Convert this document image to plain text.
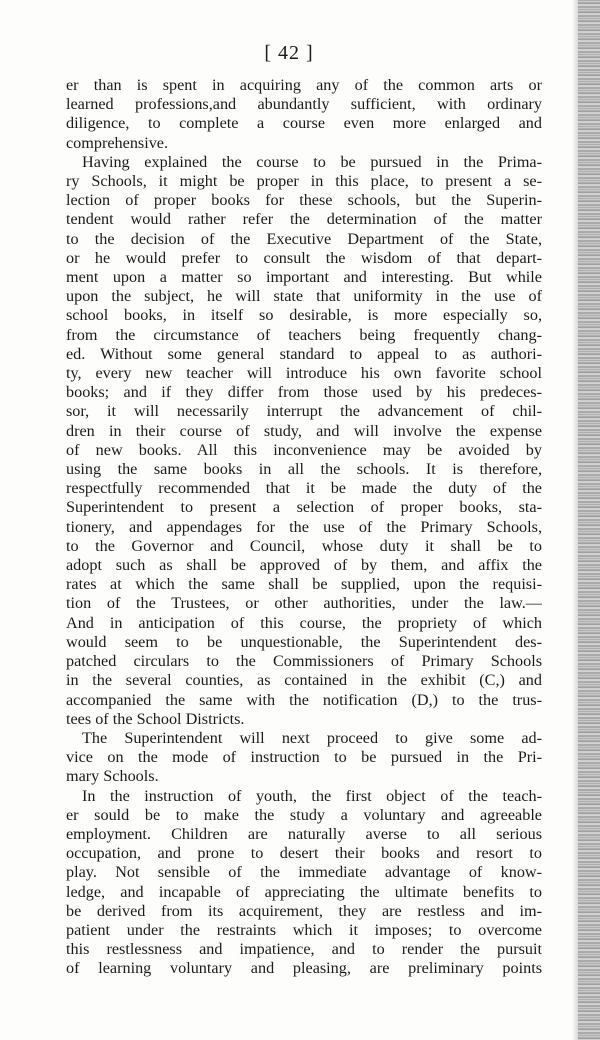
[ 42 ]
er than is spent in acquiring any of the common arts or
learned professions,and abundantly sufficient, with ordinary
diligence, to complete a course even more enlarged and
comprehensive.
Having explained the course to be pursued in the Prima-
ry Schools, it might be proper in this place, to present a se-
lection of proper books for these schools, but the Superin-
tendent would rather refer the determination of the matter
to the decision of the Executive Department of the State,
or he would prefer to consult the wisdom of that depart-
ment upon a matter so important and interesting. But while
upon the subject, he will state that uniformity in the use of
school books, in itself so desirable, is more especially so,
from the circumstance of teachers being frequently chang-
ed. Without some general standard to appeal to as authori-
ty, every new teacher will introduce his own favorite school
books; and if they differ from those used by his predeces-
sor, it will necessarily interrupt the advancement of chil-
dren in their course of study, and will involve the expense
of new books. All this inconvenience may be avoided by
using the same books in all the schools. It is therefore,
respectfully recommended that it be made the duty of the
Superintendent to present a selection of proper books, sta-
tionery, and appendages for the use of the Primary Schools,
to the Governor and Council, whose duty it shall be to
adopt such as shall be approved of by them, and affix the
rates at which the same shall be supplied, upon the requisi-
tion of the Trustees, or other authorities, under the law.—
And in anticipation of this course, the propriety of which
would seem to be unquestionable, the Superintendent des-
patched circulars to the Commissioners of Primary Schools
in the several counties, as contained in the exhibit (C,) and
accompanied the same with the notification (D,) to the trus-
tees of the School Districts.
The Superintendent will next proceed to give some ad-
vice on the mode of instruction to be pursued in the Pri-
mary Schools.
In the instruction of youth, the first object of the teach-
er sould be to make the study a voluntary and agreeable
employment. Children are naturally averse to all serious
occupation, and prone to desert their books and resort to
play. Not sensible of the immediate advantage of know-
ledge, and incapable of appreciating the ultimate benefits to
be derived from its acquirement, they are restless and im-
patient under the restraints which it imposes; to overcome
this restlessness and impatience, and to render the pursuit
of learning voluntary and pleasing, are preliminary points
